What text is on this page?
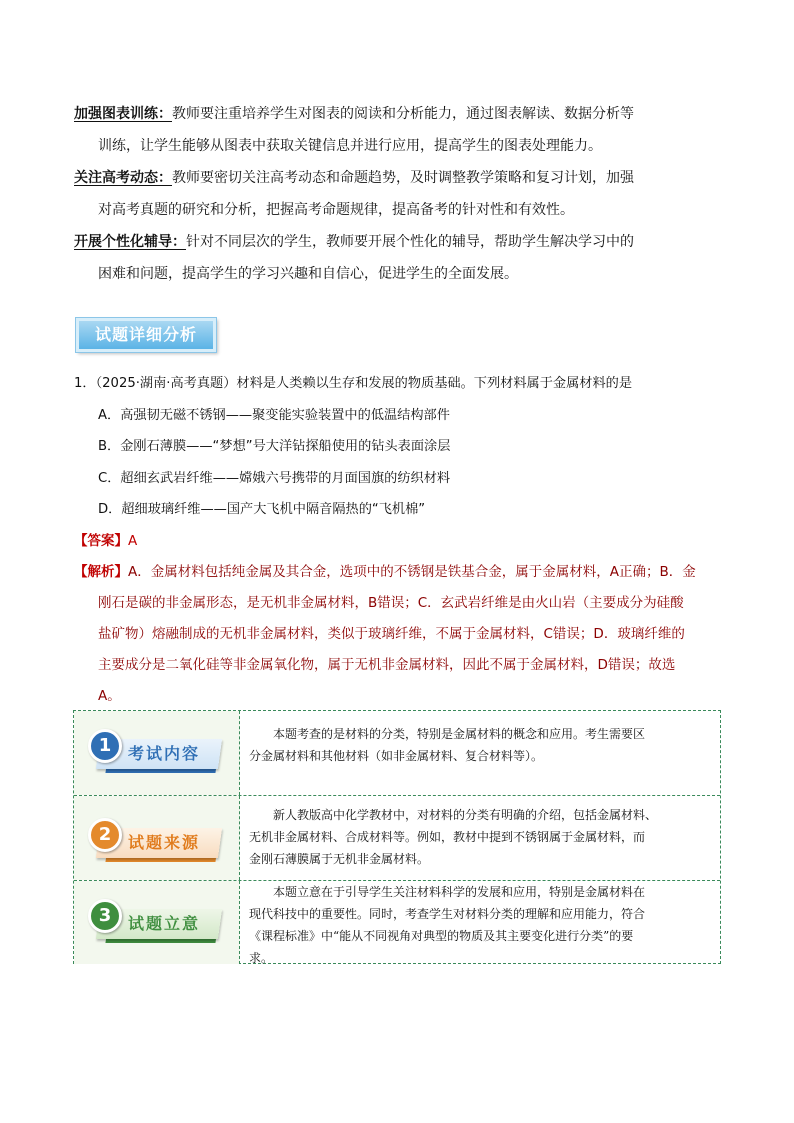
加强图表训练：教师要注重培养学生对图表的阅读和分析能力，通过图表解读、数据分析等
训练，让学生能够从图表中获取关键信息并进行应用，提高学生的图表处理能力。
关注高考动态：教师要密切关注高考动态和命题趋势，及时调整教学策略和复习计划，加强
对高考真题的研究和分析，把握高考命题规律，提高备考的针对性和有效性。
开展个性化辅导：针对不同层次的学生，教师要开展个性化的辅导，帮助学生解决学习中的
困难和问题，提高学生的学习兴趣和自信心，促进学生的全面发展。
试题详细分析
1．（2025·湖南·高考真题）材料是人类赖以生存和发展的物质基础。下列材料属于金属材料的是
A．高强韧无磁不锈钢——聚变能实验装置中的低温结构部件
B．金刚石薄膜——“梦想”号大洋钻探船使用的钻头表面涂层
C．超细玄武岩纤维——嫦娥六号携带的月面国旗的纺织材料
D．超细玻璃纤维——国产大飞机中隔音隔热的“飞机棉”
【答案】A
【解析】A．金属材料包括纯金属及其合金，选项中的不锈钢是铁基合金，属于金属材料，A正确；B．金
刚石是碳的非金属形态，是无机非金属材料，B错误；C．玄武岩纤维是由火山岩（主要成分为硅酸
盐矿物）熔融制成的无机非金属材料，类似于玻璃纤维，不属于金属材料，C错误；D．玻璃纤维的
主要成分是二氧化硅等非金属氧化物，属于无机非金属材料，因此不属于金属材料，D错误；故选
A。
考试内容
1
本题考查的是材料的分类，特别是金属材料的概念和应用。考生需要区
分金属材料和其他材料（如非金属材料、复合材料等）。
试题来源
2
新人教版高中化学教材中，对材料的分类有明确的介绍，包括金属材料、
无机非金属材料、合成材料等。例如，教材中提到不锈钢属于金属材料，而
金刚石薄膜属于无机非金属材料。
试题立意
3
本题立意在于引导学生关注材料科学的发展和应用，特别是金属材料在
现代科技中的重要性。同时，考查学生对材料分类的理解和应用能力，符合
《课程标准》中“能从不同视角对典型的物质及其主要变化进行分类”的要
求。
